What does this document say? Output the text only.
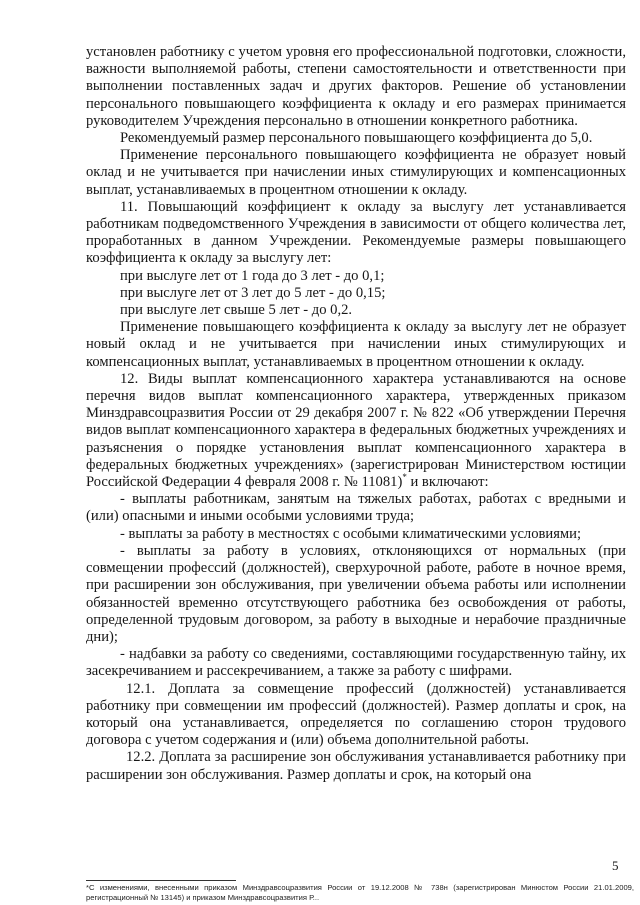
установлен работнику с учетом уровня его профессиональной подготовки, сложности, важности выполняемой работы, степени самостоятельности и ответственности при выполнении поставленных задач и других факторов. Решение об установлении персонального повышающего коэффициента к окладу и его размерах принимается руководителем Учреждения персонально в отношении конкретного работника.

Рекомендуемый размер персонального повышающего коэффициента до 5,0.

Применение персонального повышающего коэффициента не образует новый оклад и не учитывается при начислении иных стимулирующих и компенсационных выплат, устанавливаемых в процентном отношении к окладу.

11. Повышающий коэффициент к окладу за выслугу лет устанавливается работникам подведомственного Учреждения в зависимости от общего количества лет, проработанных в данном Учреждении. Рекомендуемые размеры повышающего коэффициента к окладу за выслугу лет:

при выслуге лет от 1 года до 3 лет - до 0,1;

при выслуге лет от 3 лет до 5 лет - до 0,15;

при выслуге лет свыше 5 лет - до 0,2.

Применение повышающего коэффициента к окладу за выслугу лет не образует новый оклад и не учитывается при начислении иных стимулирующих и компенсационных выплат, устанавливаемых в процентном отношении к окладу.

12. Виды выплат компенсационного характера устанавливаются на основе перечня видов выплат компенсационного характера, утвержденных приказом Минздравсоцразвития России от 29 декабря 2007 г. № 822 «Об утверждении Перечня видов выплат компенсационного характера в федеральных бюджетных учреждениях и разъяснения о порядке установления выплат компенсационного характера в федеральных бюджетных учреждениях» (зарегистрирован Министерством юстиции Российской Федерации 4 февраля 2008 г. № 11081)* и включают:

- выплаты работникам, занятым на тяжелых работах, работах с вредными и (или) опасными и иными особыми условиями труда;

- выплаты за работу в местностях с особыми климатическими условиями;

- выплаты за работу в условиях, отклоняющихся от нормальных (при совмещении профессий (должностей), сверхурочной работе, работе в ночное время, при расширении зон обслуживания, при увеличении объема работы или исполнении обязанностей временно отсутствующего работника без освобождения от работы, определенной трудовым договором, за работу в выходные и нерабочие праздничные дни);

- надбавки за работу со сведениями, составляющими государственную тайну, их засекречиванием и рассекречиванием, а также за работу с шифрами.

12.1. Доплата за совмещение профессий (должностей) устанавливается работнику при совмещении им профессий (должностей). Размер доплаты и срок, на который она устанавливается, определяется по соглашению сторон трудового договора с учетом содержания и (или) объема дополнительной работы.

12.2. Доплата за расширение зон обслуживания устанавливается работнику при расширении зон обслуживания. Размер доплаты и срок, на который она

5
*С изменениями, внесенными приказом Минздравсоцразвития России от 19.12.2008 № 738н (зарегистрирован Минюстом России 21.01.2009, регистрационный № 13145) и приказом Минздравсоцразвития Р...
